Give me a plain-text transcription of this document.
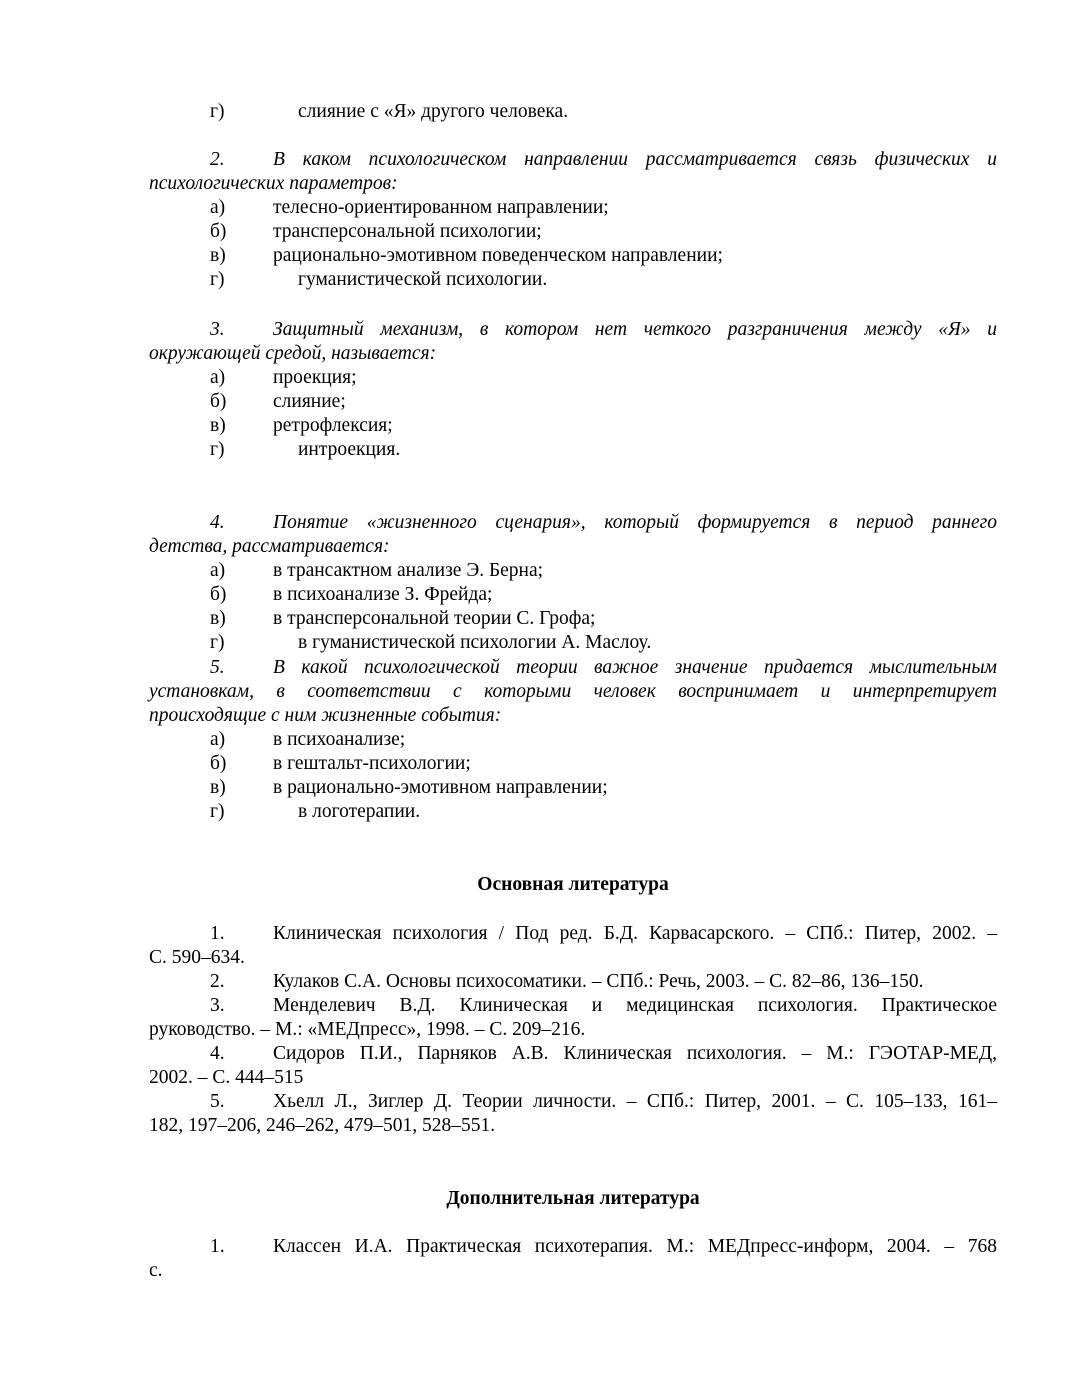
г)	слияние с «Я» другого человека.
2. В каком психологическом направлении рассматривается связь физических и
психологических параметров:
а) телесно-ориентированном направлении;
б) трансперсональной психологии;
в) рационально-эмотивном поведенческом направлении;
г)	гуманистической психологии.
3. Защитный механизм, в котором нет четкого разграничения между «Я» и
окружающей средой, называется:
а) проекция;
б) слияние;
в) ретрофлексия;
г)	интроекция.
4. Понятие «жизненного сценария», который формируется в период раннего
детства, рассматривается:
а) в трансактном анализе Э. Берна;
б) в психоанализе З. Фрейда;
в) в трансперсональной теории С. Грофа;
г)	в гуманистической психологии А. Маслоу.
5. В какой психологической теории важное значение придается мыслительным
установкам, в соответствии с которыми человек воспринимает и интерпретирует
происходящие с ним жизненные события:
а) в психоанализе;
б) в гештальт-психологии;
в) в рационально-эмотивном направлении;
г)	в логотерапии.
Основная литература
1. Клиническая психология / Под ред. Б.Д. Карвасарского. – СПб.: Питер, 2002. –
С. 590–634.
2. Кулаков С.А. Основы психосоматики. – СПб.: Речь, 2003. – С. 82–86, 136–150.
3. Менделевич В.Д. Клиническая и медицинская психология. Практическое
руководство. – М.: «МЕДпресс», 1998. – С. 209–216.
4. Сидоров П.И., Парняков А.В. Клиническая психология. – М.: ГЭОТАР-МЕД,
2002. – С. 444–515
5. Хьелл Л., Зиглер Д. Теории личности. – СПб.: Питер, 2001. – С. 105–133, 161–
182, 197–206, 246–262, 479–501, 528–551.
Дополнительная литература
1. Классен И.А. Практическая психотерапия. М.: МЕДпресс-информ, 2004. – 768
с.
